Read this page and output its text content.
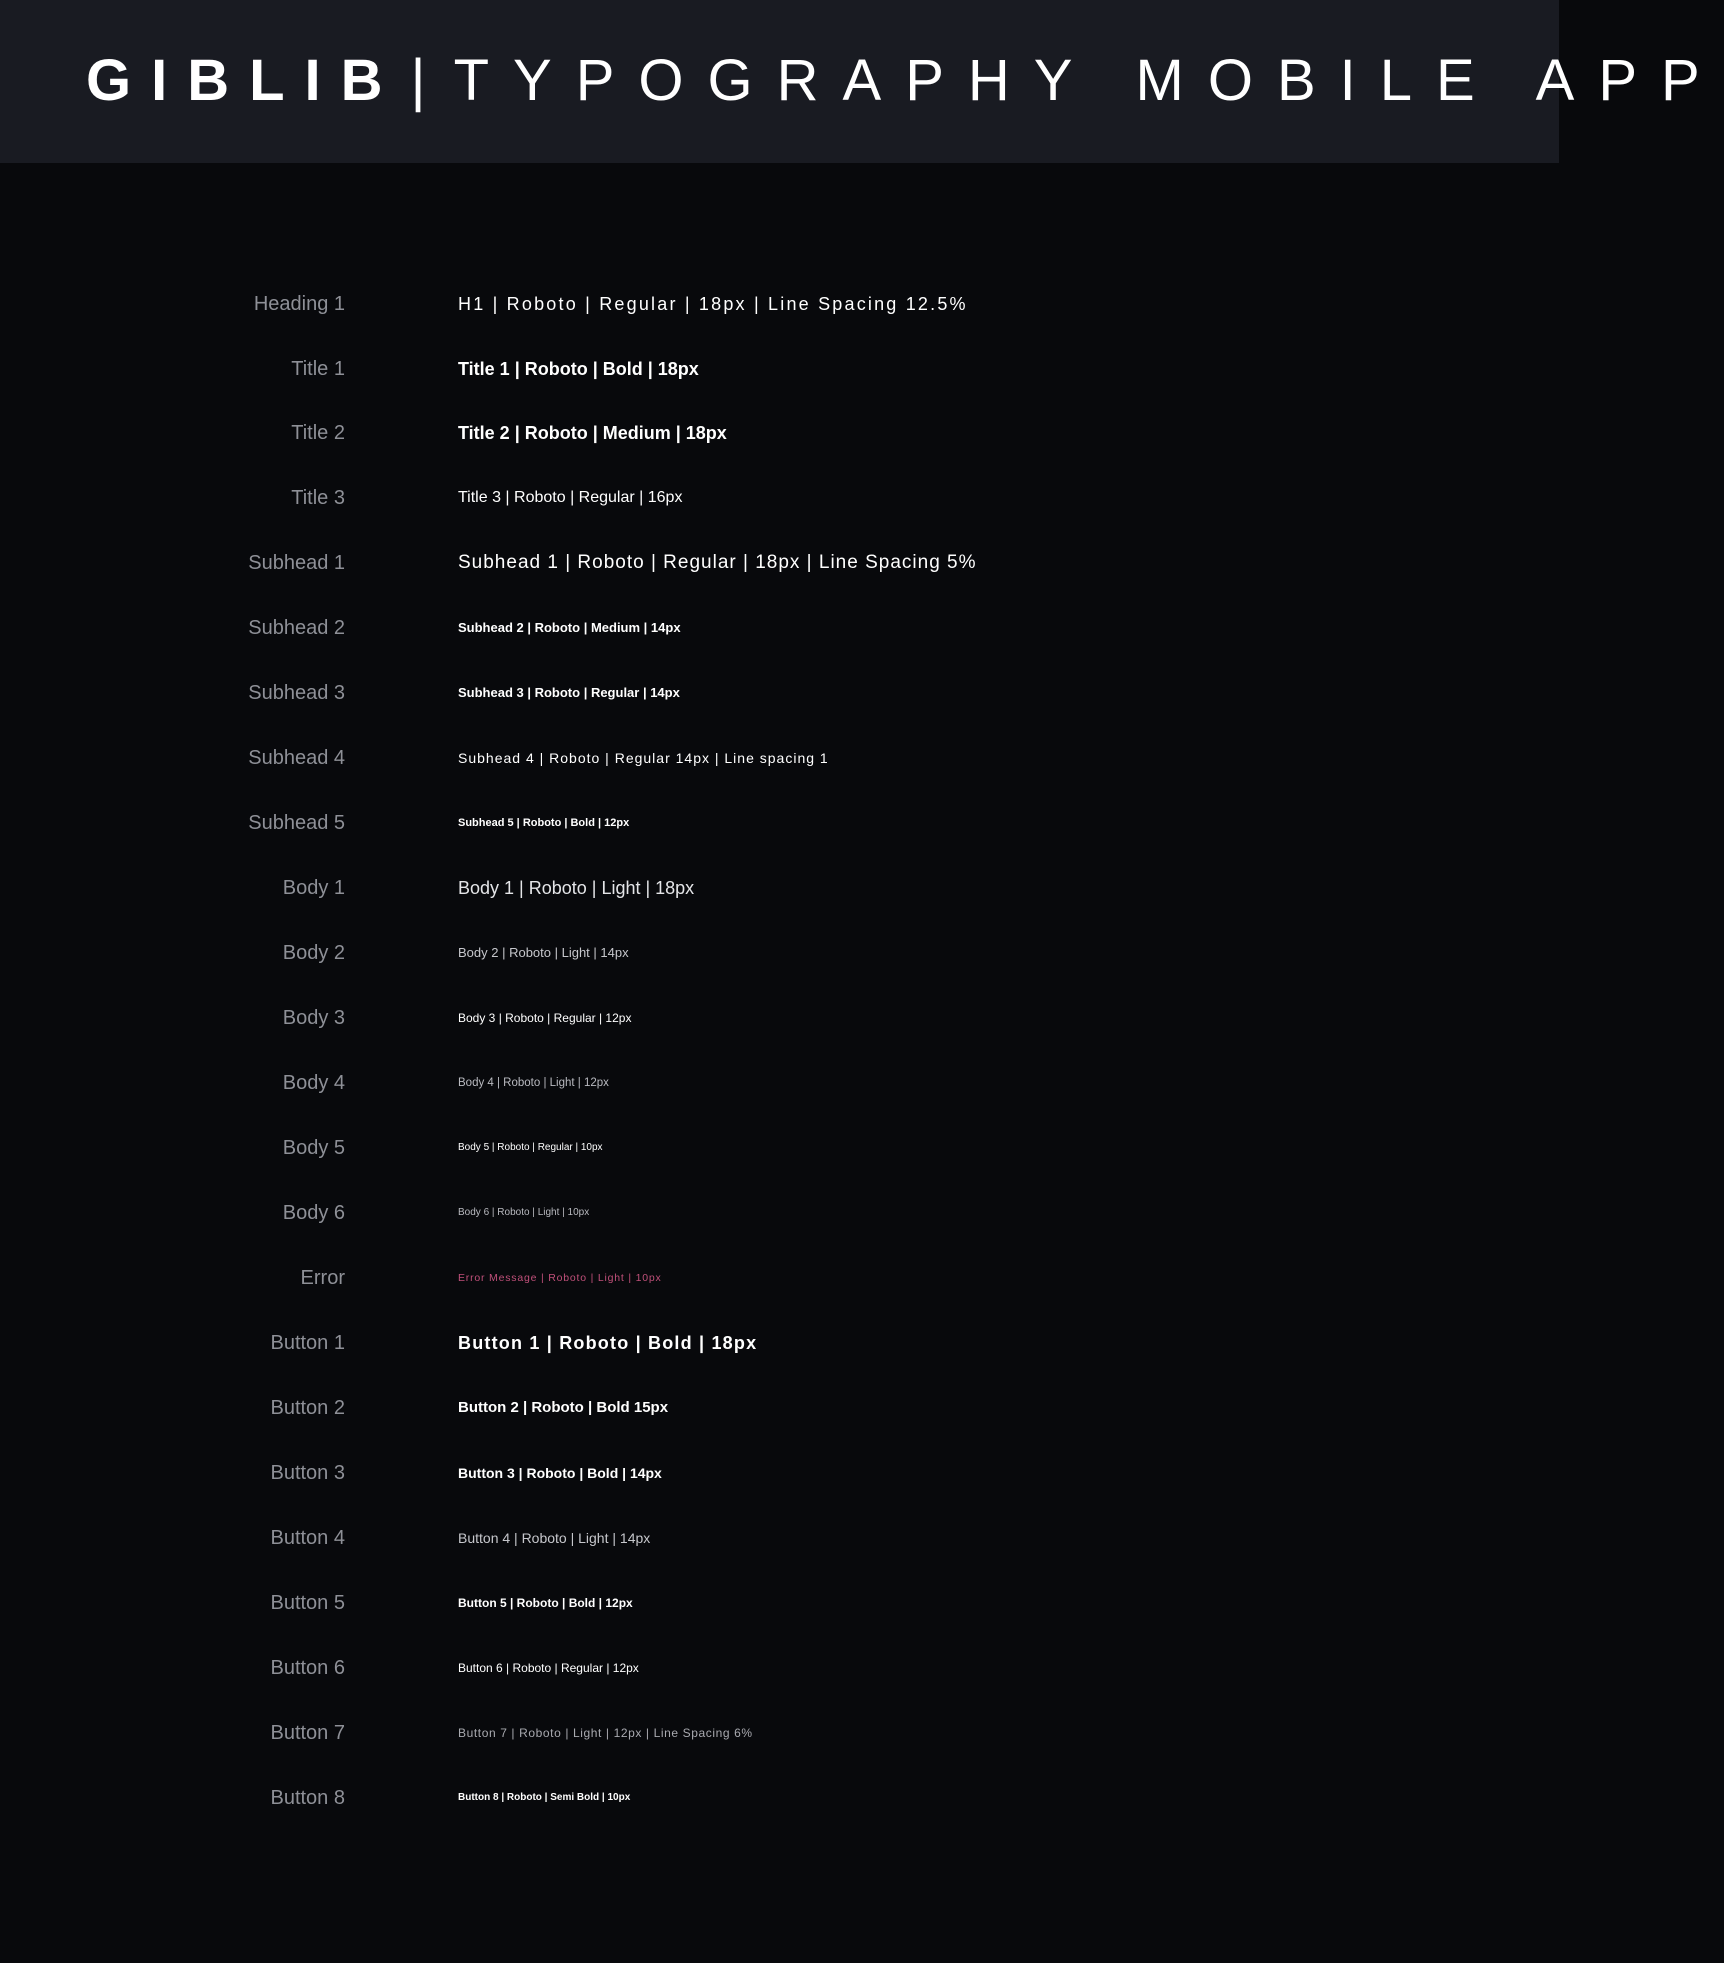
GIBLIB | TYPOGRAPHY MOBILE APP
Heading 1	H1 | Roboto | Regular | 18px | Line Spacing 12.5%
Title 1	Title 1 | Roboto | Bold | 18px
Title 2	Title 2 | Roboto | Medium | 18px
Title 3	Title 3 | Roboto | Regular | 16px
Subhead 1	Subhead 1 | Roboto | Regular | 18px | Line Spacing 5%
Subhead 2	Subhead 2 | Roboto | Medium | 14px
Subhead 3	Subhead 3 | Roboto | Regular | 14px
Subhead 4	Subhead 4 | Roboto | Regular 14px | Line spacing 1
Subhead 5	Subhead 5 | Roboto | Bold | 12px
Body 1	Body 1 | Roboto | Light | 18px
Body 2	Body 2 | Roboto | Light | 14px
Body 3	Body 3 | Roboto | Regular | 12px
Body 4	Body 4 | Roboto | Light | 12px
Body 5	Body 5 | Roboto | Regular | 10px
Body 6	Body 6 | Roboto | Light | 10px
Error	Error Message | Roboto | Light | 10px
Button 1	Button 1 | Roboto | Bold | 18px
Button 2	Button 2 | Roboto | Bold 15px
Button 3	Button 3 | Roboto | Bold | 14px
Button 4	Button 4 | Roboto | Light | 14px
Button 5	Button 5 | Roboto | Bold | 12px
Button 6	Button 6 | Roboto | Regular | 12px
Button 7	Button 7 | Roboto | Light | 12px | Line Spacing 6%
Button 8	Button 8 | Roboto | Semi Bold | 10px
